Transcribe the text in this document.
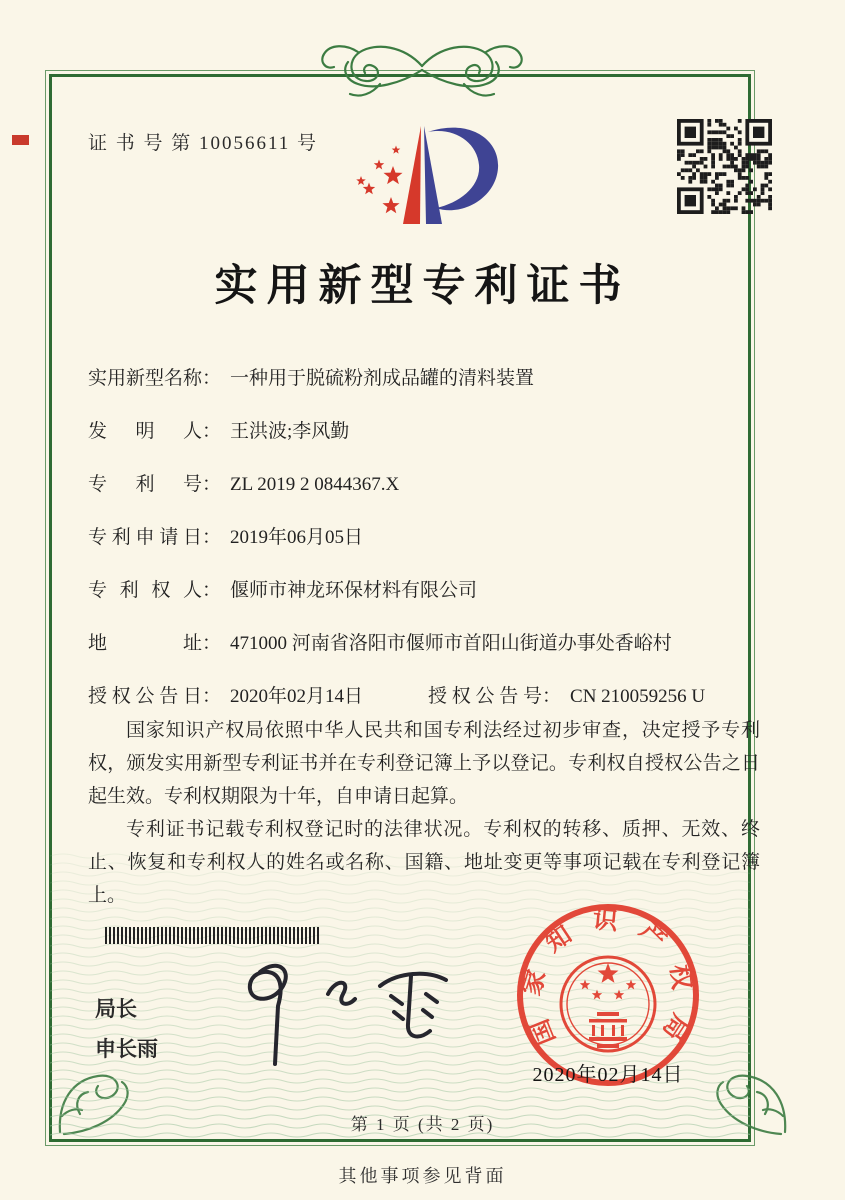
证 书 号 第 10056611 号
实用新型专利证书
实用新型名称： 一种用于脱硫粉剂成品罐的清料装置
发明人： 王洪波;李风勤
专利号： ZL 2019 2 0844367.X
专利申请日： 2019年06月05日
专利权人： 偃师市神龙环保材料有限公司
地址： 471000 河南省洛阳市偃师市首阳山街道办事处香峪村
授权公告日： 2020年02月14日	授权公告号： CN 210059256 U

国家知识产权局依照中华人民共和国专利法经过初步审查，决定授予专利权，颁发实用新型专利证书并在专利登记簿上予以登记。专利权自授权公告之日起生效。专利权期限为十年，自申请日起算。

专利证书记载专利权登记时的法律状况。专利权的转移、质押、无效、终止、恢复和专利权人的姓名或名称、国籍、地址变更等事项记载在专利登记簿上。

局长
申长雨
国家知识产权局
2020年02月14日
第 1 页 (共 2 页)
其他事项参见背面
